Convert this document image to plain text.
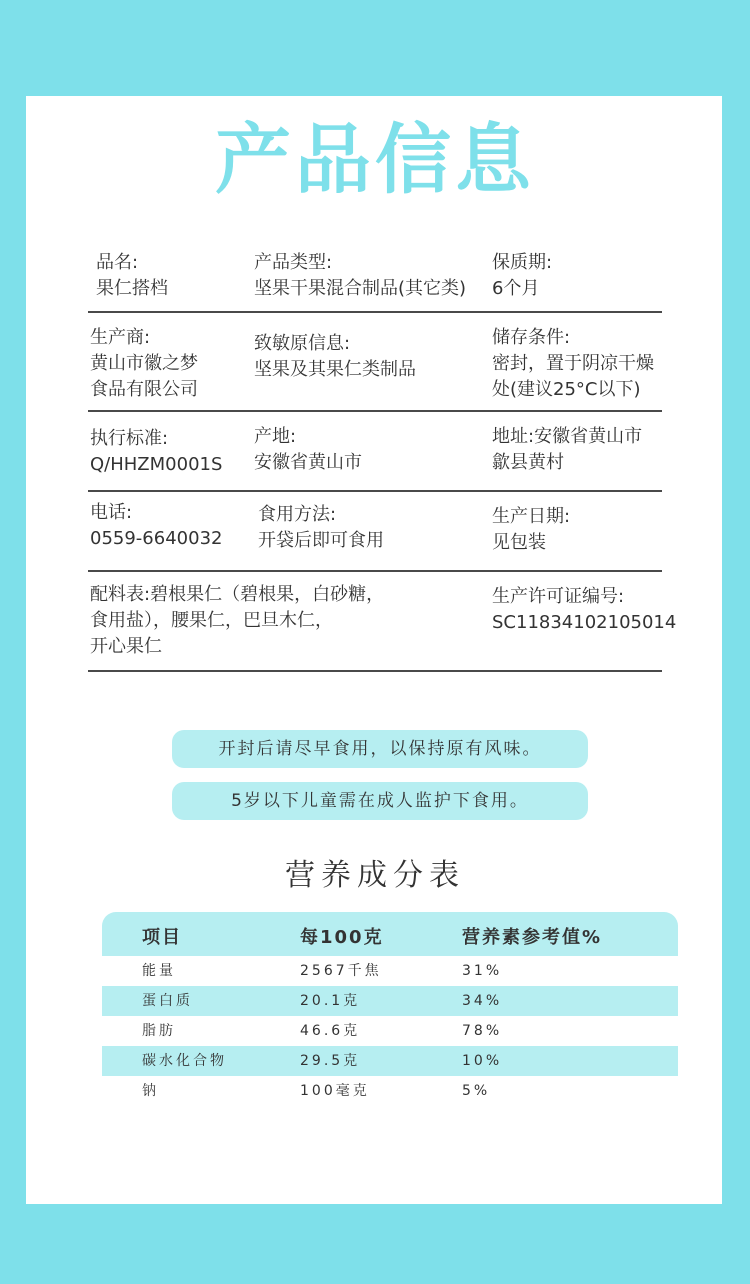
产品信息
品名:
果仁搭档
产品类型:
坚果干果混合制品(其它类)
保质期:
6个月
生产商:
黄山市徽之梦
食品有限公司
致敏原信息:
坚果及其果仁类制品
储存条件:
密封，置于阴凉干燥
处(建议25°C以下)
执行标准:
Q/HHZM0001S
产地:
安徽省黄山市
地址:安徽省黄山市
歙县黄村
电话:
0559-6640032
食用方法:
开袋后即可食用
生产日期:
见包装
配料表:碧根果仁（碧根果，白砂糖，
食用盐），腰果仁，巴旦木仁，
开心果仁
生产许可证编号:
SC11834102105014
开封后请尽早食用，以保持原有风味。
5岁以下儿童需在成人监护下食用。
营养成分表
项目	每100克	营养素参考值%
能量	2567千焦	31%
蛋白质	20.1克	34%
脂肪	46.6克	78%
碳水化合物	29.5克	10%
钠	100毫克	5%
